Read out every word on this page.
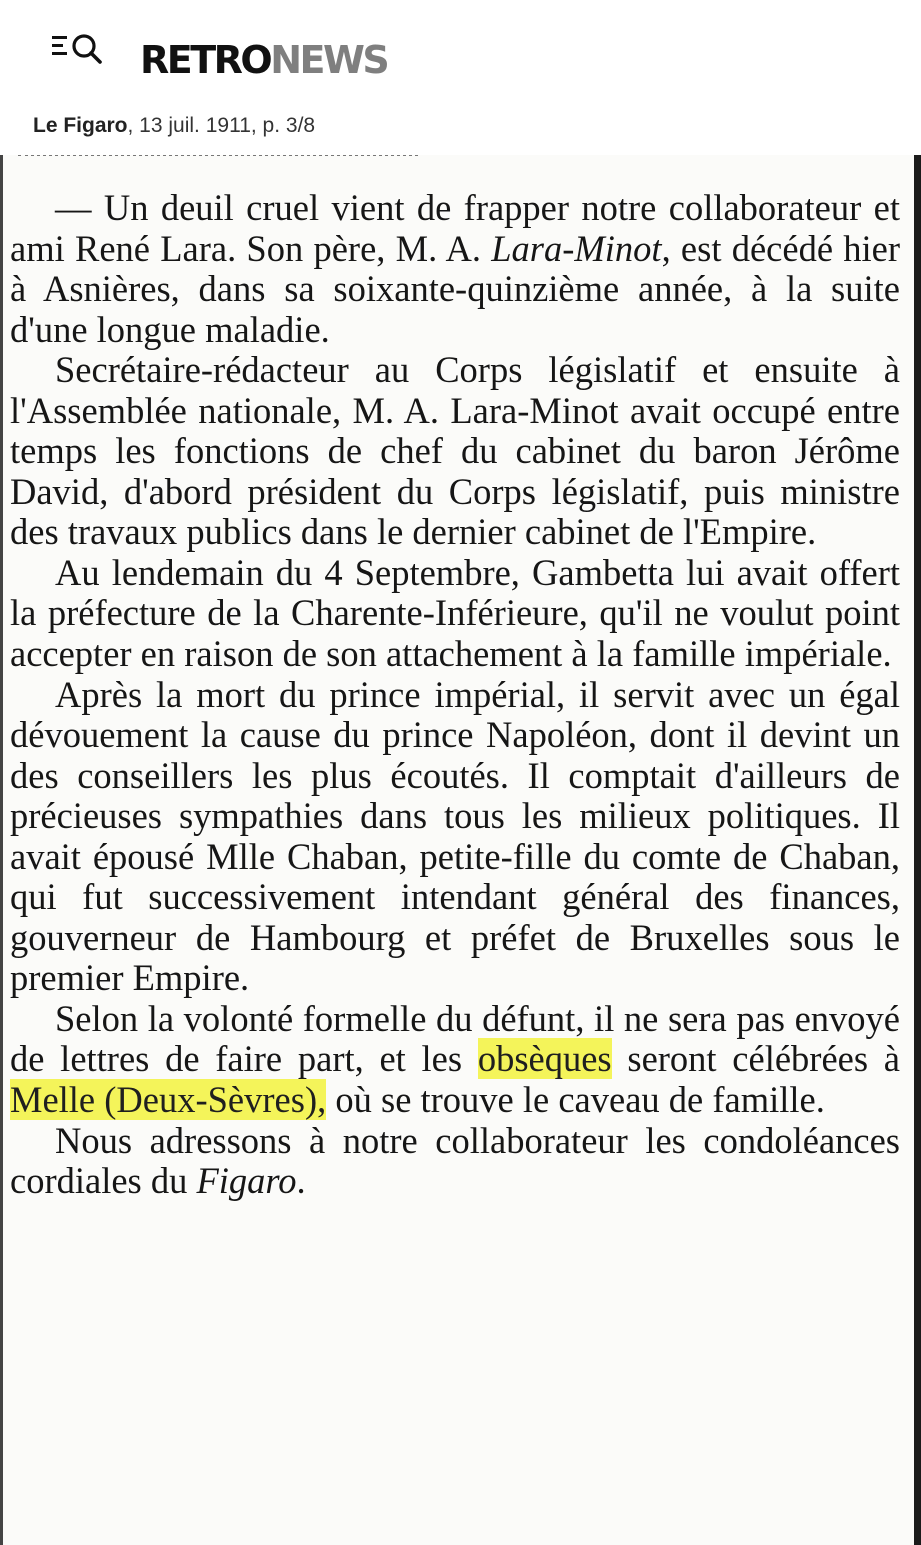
RETRONEWS
Le Figaro, 13 juil. 1911, p. 3/8

— Un deuil cruel vient de frapper notre collaborateur et ami René Lara. Son père, M. A. Lara-Minot, est décédé hier à Asnières, dans sa soixante-quinzième année, à la suite d'une longue maladie.

Secrétaire-rédacteur au Corps législatif et ensuite à l'Assemblée nationale, M. A. Lara-Minot avait occupé entre temps les fonctions de chef du cabinet du baron Jérôme David, d'abord président du Corps législatif, puis ministre des travaux publics dans le dernier cabinet de l'Empire.

Au lendemain du 4 Septembre, Gambetta lui avait offert la préfecture de la Charente-Inférieure, qu'il ne voulut point accepter en raison de son attachement à la famille impériale.

Après la mort du prince impérial, il servit avec un égal dévouement la cause du prince Napoléon, dont il devint un des conseillers les plus écoutés. Il comptait d'ailleurs de précieuses sympathies dans tous les milieux politiques. Il avait épousé Mlle Chaban, petite-fille du comte de Chaban, qui fut successivement intendant général des finances, gouverneur de Hambourg et préfet de Bruxelles sous le premier Empire.

Selon la volonté formelle du défunt, il ne sera pas envoyé de lettres de faire part, et les obsèques seront célébrées à Melle (Deux-Sèvres), où se trouve le caveau de famille.

Nous adressons à notre collaborateur les condoléances cordiales du Figaro.
